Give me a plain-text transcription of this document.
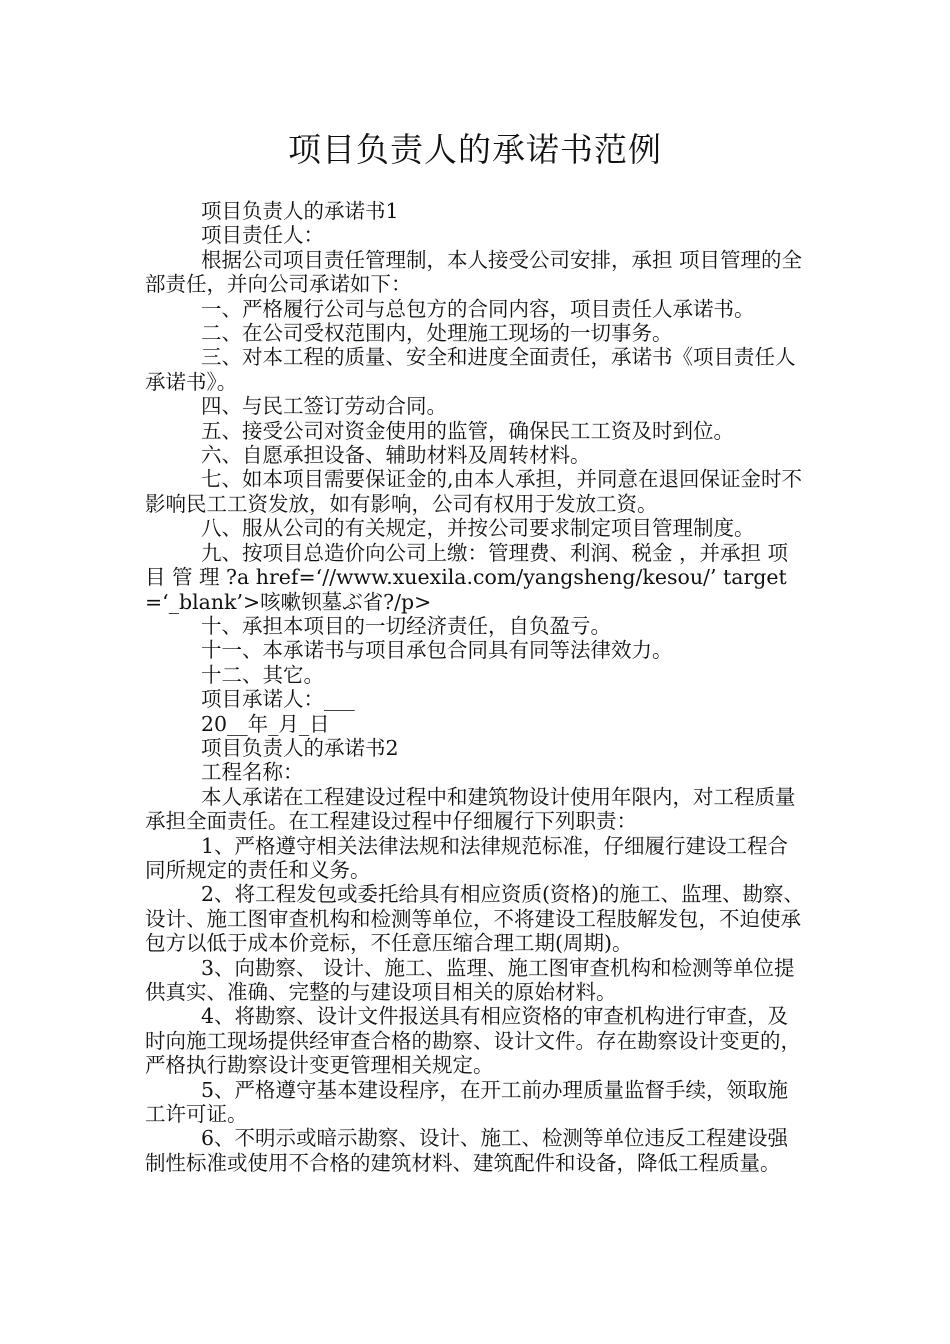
项目负责人的承诺书范例

项目负责人的承诺书1

项目责任人：

根据公司项目责任管理制，本人接受公司安排，承担 项目管理的全部责任，并向公司承诺如下：

一、严格履行公司与总包方的合同内容，项目责任人承诺书。

二、在公司受权范围内，处理施工现场的一切事务。

三、对本工程的质量、安全和进度全面责任，承诺书《项目责任人承诺书》。

四、与民工签订劳动合同。

五、接受公司对资金使用的监管，确保民工工资及时到位。

六、自愿承担设备、辅助材料及周转材料。

七、如本项目需要保证金的,由本人承担，并同意在退回保证金时不影响民工工资发放，如有影响，公司有权用于发放工资。

八、服从公司的有关规定，并按公司要求制定项目管理制度。

九、按项目总造价向公司上缴：管理费、利润、税金 ，并承担 项 目 管 理 ?a href=‘//www.xuexila.com/yangsheng/kesou/’ target=‘_blank’>咳嗽钡墓ぶ省?/p>

十、承担本项目的一切经济责任，自负盈亏。

十一、本承诺书与项目承包合同具有同等法律效力。

十二、其它。

项目承诺人：___

20__年_月_日

项目负责人的承诺书2

工程名称：

本人承诺在工程建设过程中和建筑物设计使用年限内，对工程质量承担全面责任。在工程建设过程中仔细履行下列职责：

1、严格遵守相关法律法规和法律规范标准，仔细履行建设工程合同所规定的责任和义务。

2、将工程发包或委托给具有相应资质(资格)的施工、监理、勘察、设计、施工图审查机构和检测等单位，不将建设工程肢解发包，不迫使承包方以低于成本价竞标，不任意压缩合理工期(周期)。

3、向勘察、 设计、施工、监理、施工图审查机构和检测等单位提供真实、准确、完整的与建设项目相关的原始材料。

4、将勘察、设计文件报送具有相应资格的审查机构进行审查，及时向施工现场提供经审查合格的勘察、设计文件。存在勘察设计变更的，严格执行勘察设计变更管理相关规定。

5、严格遵守基本建设程序，在开工前办理质量监督手续，领取施工许可证。

6、不明示或暗示勘察、设计、施工、检测等单位违反工程建设强制性标准或使用不合格的建筑材料、建筑配件和设备，降低工程质量。
